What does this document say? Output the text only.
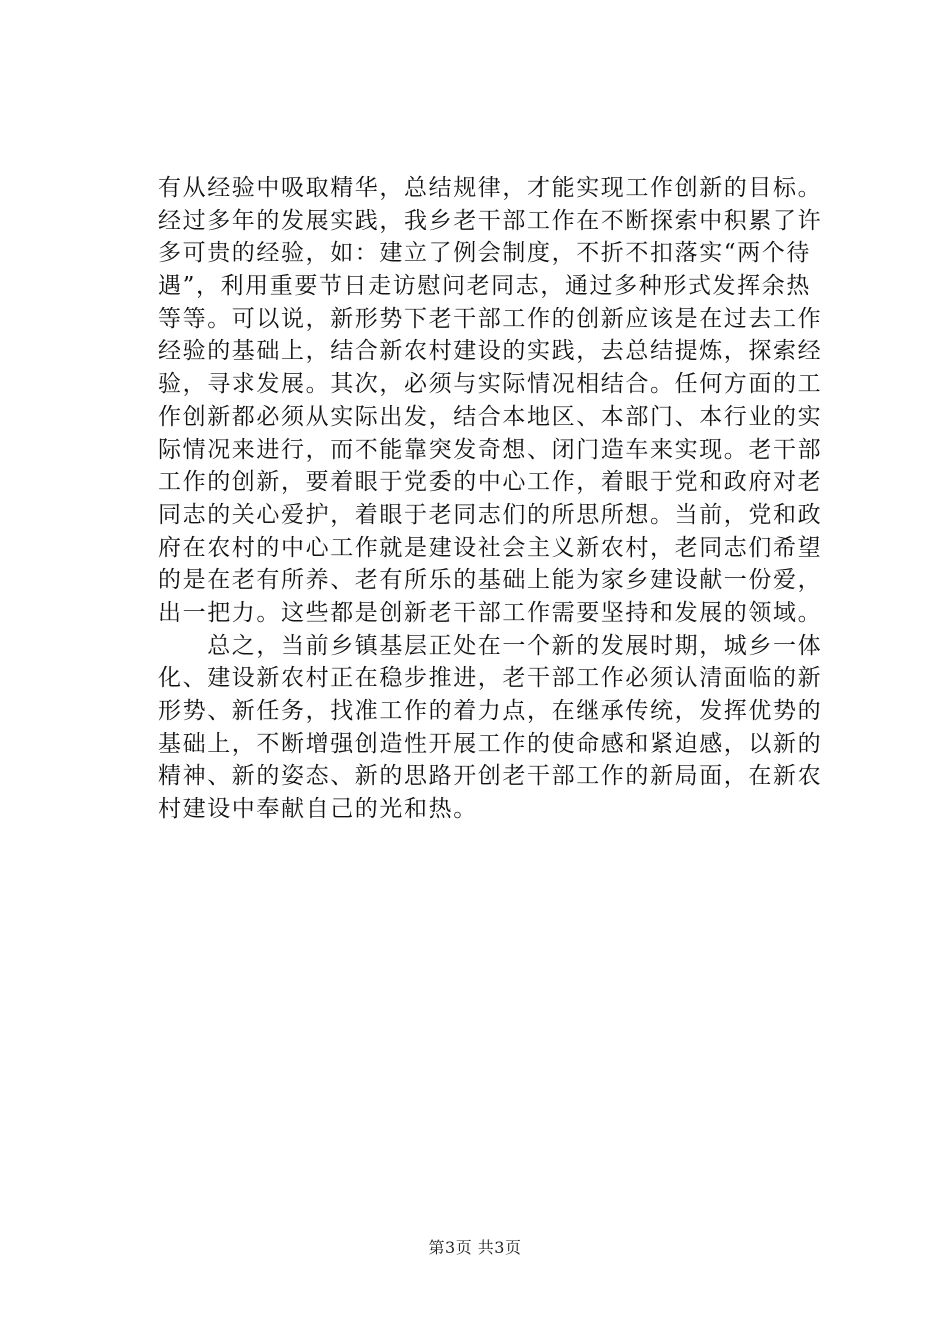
有从经验中吸取精华，总结规律，才能实现工作创新的目标。
经过多年的发展实践，我乡老干部工作在不断探索中积累了许
多可贵的经验，如：建立了例会制度，不折不扣落实“两个待
遇”，利用重要节日走访慰问老同志，通过多种形式发挥余热
等等。可以说，新形势下老干部工作的创新应该是在过去工作
经验的基础上，结合新农村建设的实践，去总结提炼，探索经
验，寻求发展。其次，必须与实际情况相结合。任何方面的工
作创新都必须从实际出发，结合本地区、本部门、本行业的实
际情况来进行，而不能靠突发奇想、闭门造车来实现。老干部
工作的创新，要着眼于党委的中心工作，着眼于党和政府对老
同志的关心爱护，着眼于老同志们的所思所想。当前，党和政
府在农村的中心工作就是建设社会主义新农村，老同志们希望
的是在老有所养、老有所乐的基础上能为家乡建设献一份爱，
出一把力。这些都是创新老干部工作需要坚持和发展的领域。
　　总之，当前乡镇基层正处在一个新的发展时期，城乡一体
化、建设新农村正在稳步推进，老干部工作必须认清面临的新
形势、新任务，找准工作的着力点，在继承传统，发挥优势的
基础上，不断增强创造性开展工作的使命感和紧迫感，以新的
精神、新的姿态、新的思路开创老干部工作的新局面，在新农
村建设中奉献自己的光和热。
第3页 共3页
